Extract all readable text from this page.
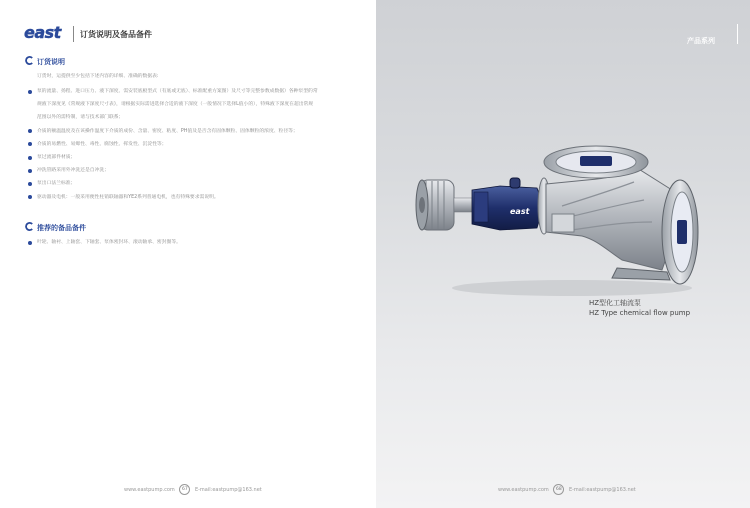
east 订货说明及备品备件
订货说明
订货时，运提供至少包括下述内容的详细、准确的数据表:
泵的流量、扬程、进口压力、液下深度、需安装底板型式（有底或无底）、标准配重方案图）及尺寸等完整参数成数据）各种泵型的常
规液下深度见《常规液下深度尺寸表》，请根据实际需进选择合适的液下深度（一般情况下选择L值小的），特殊液下深度在超出常规
范围以外的需特制，请与技术部门联系；
介质的额温温度及在该操作温度下介质的成份、含量、密度、粘度、PH值及是否含有固体颗粒、固体颗粒的浓度、粒径等；
介质的易燃性、易爆性、毒性、腐蚀性、挥发性、沉淀性等；
泵过流部件材质；
冲洗管路采用外冲洗还是自冲洗；
泵出口法兰标准；
驱动器及电机：一般采用便性柱销联轴器和YE2系列普通电机，也有特殊要求需说明。
推荐的备品备件
叶轮、轴衬、上轴套、下轴套、泵体密封环、滚动轴承、密封圈等。
www.eastpump.com 67 E-mail:eastpump@163.net
产品系列
east
HZ型化工轴流泵
HZ Type chemical flow pump
www.eastpump.com 68 E-mail:eastpump@163.net
